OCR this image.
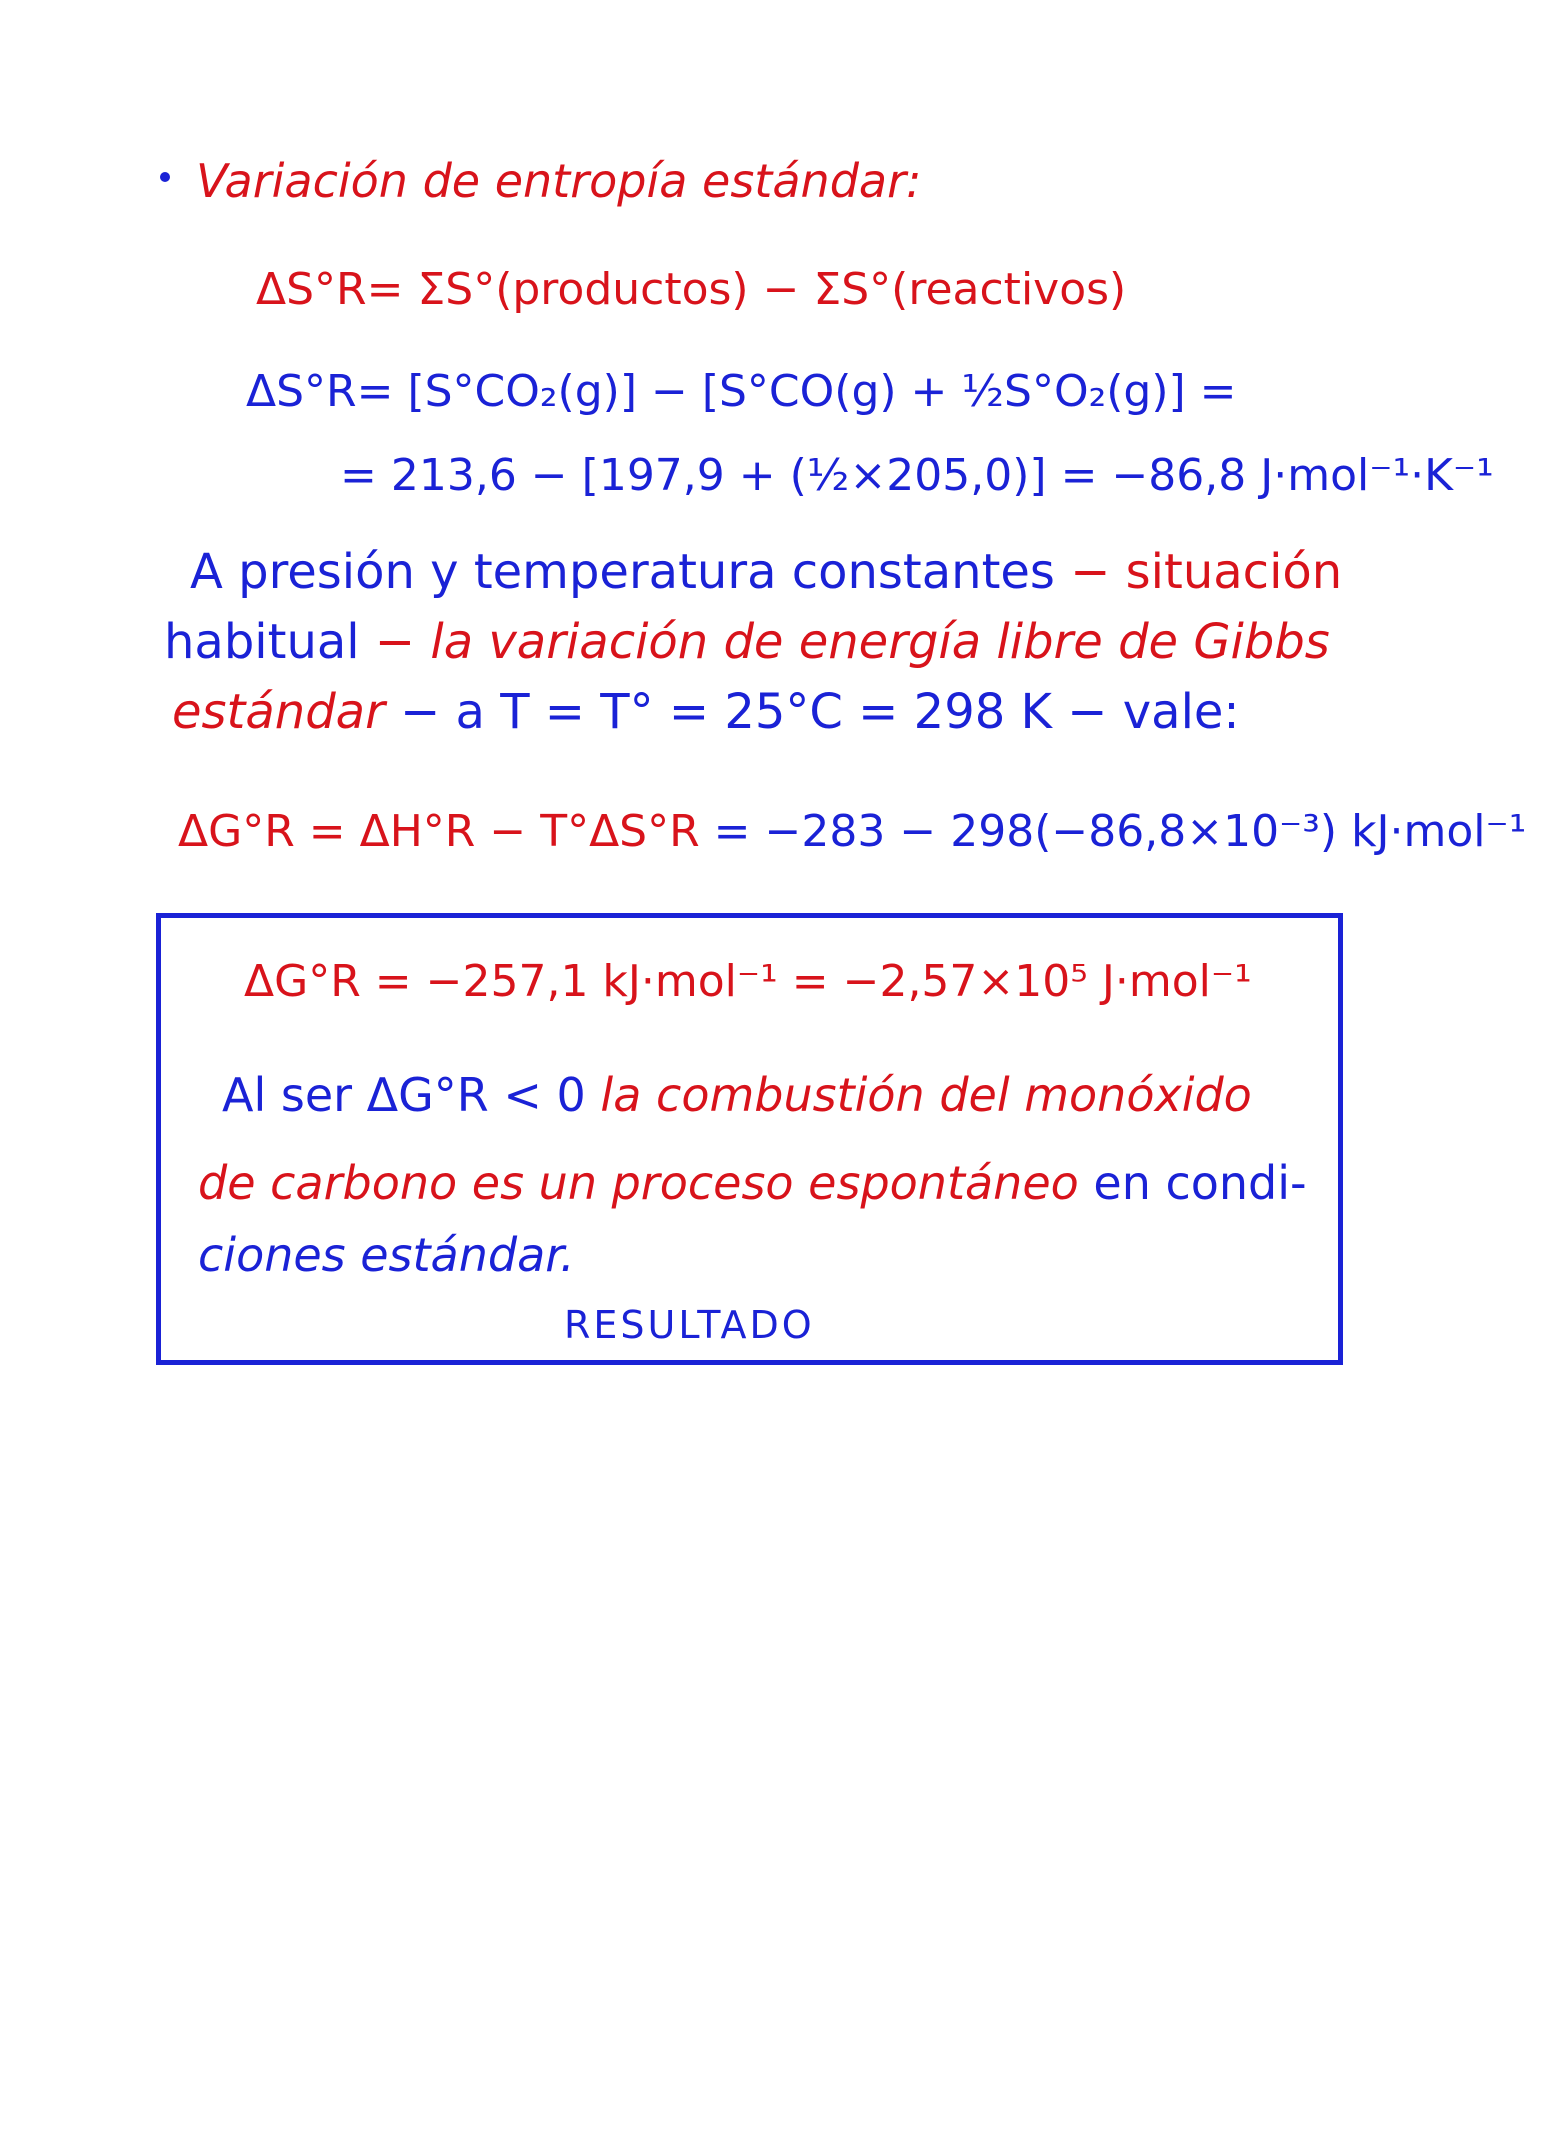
Variación de entropía estándar:
ΔS°R= ΣS°(productos) − ΣS°(reactivos)
ΔS°R= [S°CO₂(g)] − [S°CO(g) + ½S°O₂(g)] =
= 213,6 − [197,9 + (½×205,0)] = −86,8 J·mol⁻¹·K⁻¹
A presión y temperatura constantes − situación
habitual − la variación de energía libre de Gibbs
estándar − a T = T° = 25°C = 298 K − vale:
ΔG°R = ΔH°R − T°ΔS°R = −283 − 298(−86,8×10⁻³) kJ·mol⁻¹
ΔG°R = −257,1 kJ·mol⁻¹ = −2,57×10⁵ J·mol⁻¹
Al ser ΔG°R < 0 la combustión del monóxido
de carbono es un proceso espontáneo en condi-
ciones estándar.
RESULTADO
